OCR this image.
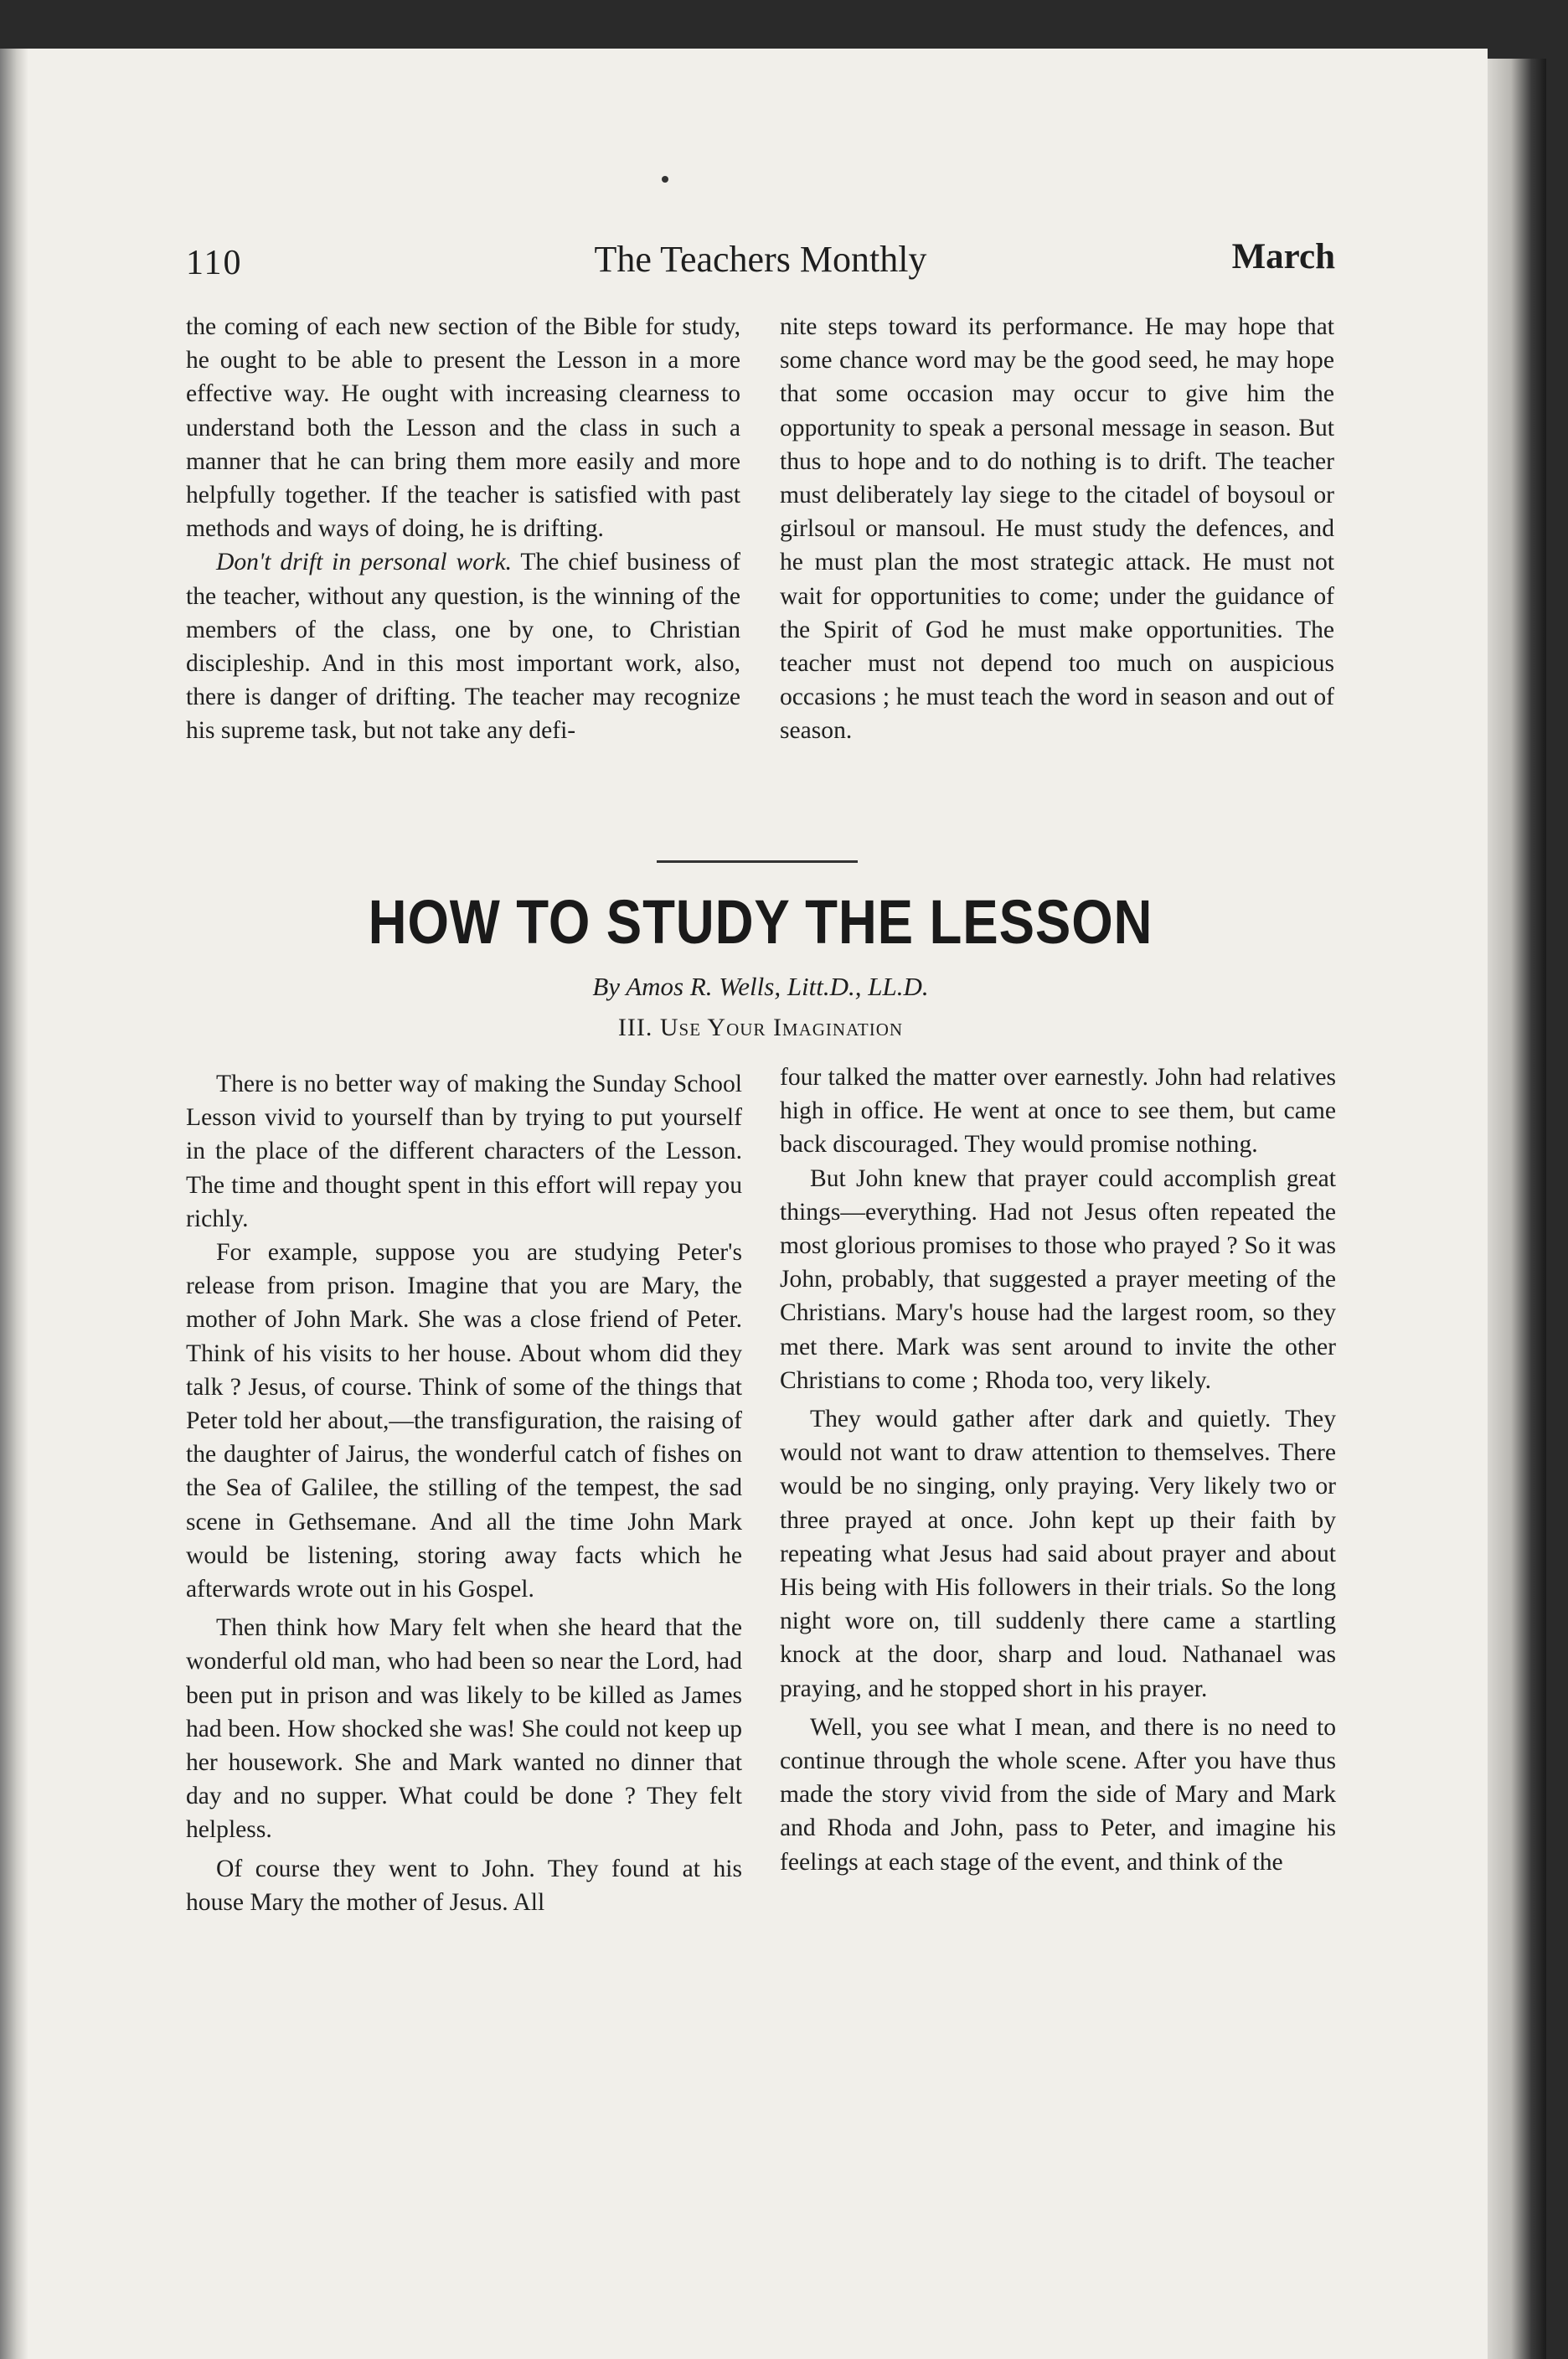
110	The Teachers Monthly	March

the coming of each new section of the Bible for study, he ought to be able to present the Lesson in a more effective way. He ought with increasing clearness to understand both the Lesson and the class in such a manner that he can bring them more easily and more helpfully together. If the teacher is satisfied with past methods and ways of doing, he is drifting.

Don't drift in personal work. The chief business of the teacher, without any question, is the winning of the members of the class, one by one, to Christian discipleship. And in this most important work, also, there is danger of drifting. The teacher may recognize his supreme task, but not take any defi-

nite steps toward its performance. He may hope that some chance word may be the good seed, he may hope that some occasion may occur to give him the opportunity to speak a personal message in season. But thus to hope and to do nothing is to drift. The teacher must deliberately lay siege to the citadel of boysoul or girlsoul or mansoul. He must study the defences, and he must plan the most strategic attack. He must not wait for opportunities to come; under the guidance of the Spirit of God he must make opportunities. The teacher must not depend too much on auspicious occasions ; he must teach the word in season and out of season.

HOW TO STUDY THE LESSON
By Amos R. Wells, Litt.D., LL.D.
III. Use Your Imagination

There is no better way of making the Sunday School Lesson vivid to yourself than by trying to put yourself in the place of the different characters of the Lesson. The time and thought spent in this effort will repay you richly.

For example, suppose you are studying Peter's release from prison. Imagine that you are Mary, the mother of John Mark. She was a close friend of Peter. Think of his visits to her house. About whom did they talk ? Jesus, of course. Think of some of the things that Peter told her about,—the transfiguration, the raising of the daughter of Jairus, the wonderful catch of fishes on the Sea of Galilee, the stilling of the tempest, the sad scene in Gethsemane. And all the time John Mark would be listening, storing away facts which he afterwards wrote out in his Gospel.

Then think how Mary felt when she heard that the wonderful old man, who had been so near the Lord, had been put in prison and was likely to be killed as James had been. How shocked she was! She could not keep up her housework. She and Mark wanted no dinner that day and no supper. What could be done ? They felt helpless.

Of course they went to John. They found at his house Mary the mother of Jesus. All

four talked the matter over earnestly. John had relatives high in office. He went at once to see them, but came back discouraged. They would promise nothing.

But John knew that prayer could accomplish great things—everything. Had not Jesus often repeated the most glorious promises to those who prayed ? So it was John, probably, that suggested a prayer meeting of the Christians. Mary's house had the largest room, so they met there. Mark was sent around to invite the other Christians to come ; Rhoda too, very likely.

They would gather after dark and quietly. They would not want to draw attention to themselves. There would be no singing, only praying. Very likely two or three prayed at once. John kept up their faith by repeating what Jesus had said about prayer and about His being with His followers in their trials. So the long night wore on, till suddenly there came a startling knock at the door, sharp and loud. Nathanael was praying, and he stopped short in his prayer.

Well, you see what I mean, and there is no need to continue through the whole scene. After you have thus made the story vivid from the side of Mary and Mark and Rhoda and John, pass to Peter, and imagine his feelings at each stage of the event, and think of the
